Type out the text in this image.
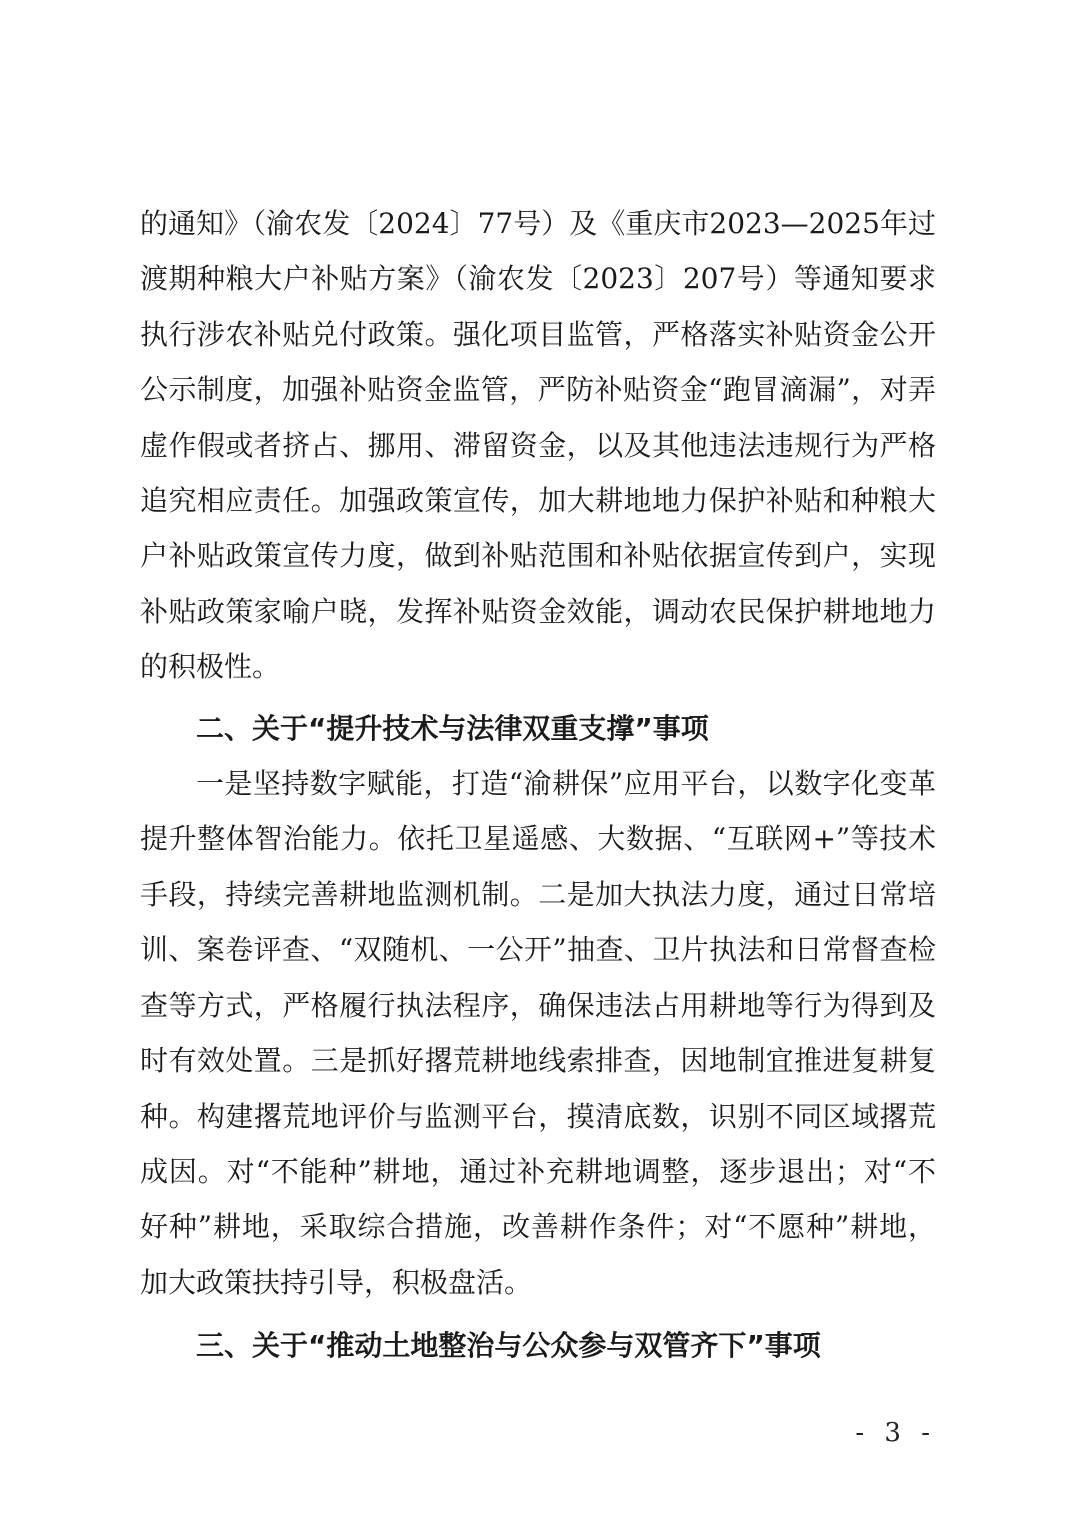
的通知》（渝农发〔2024〕77号）及《重庆市2023—2025年过渡期种粮大户补贴方案》（渝农发〔2023〕207号）等通知要求执行涉农补贴兑付政策。强化项目监管，严格落实补贴资金公开公示制度，加强补贴资金监管，严防补贴资金“跑冒滴漏”，对弄虚作假或者挤占、挪用、滞留资金，以及其他违法违规行为严格追究相应责任。加强政策宣传，加大耕地地力保护补贴和种粮大户补贴政策宣传力度，做到补贴范围和补贴依据宣传到户，实现补贴政策家喻户晓，发挥补贴资金效能，调动农民保护耕地地力的积极性。

二、关于“提升技术与法律双重支撑”事项

一是坚持数字赋能，打造“渝耕保”应用平台，以数字化变革提升整体智治能力。依托卫星遥感、大数据、“互联网+”等技术手段，持续完善耕地监测机制。二是加大执法力度，通过日常培训、案卷评查、“双随机、一公开”抽查、卫片执法和日常督查检查等方式，严格履行执法程序，确保违法占用耕地等行为得到及时有效处置。三是抓好撂荒耕地线索排查，因地制宜推进复耕复种。构建撂荒地评价与监测平台，摸清底数，识别不同区域撂荒成因。对“不能种”耕地，通过补充耕地调整，逐步退出；对“不好种”耕地，采取综合措施，改善耕作条件；对“不愿种”耕地，加大政策扶持引导，积极盘活。

三、关于“推动土地整治与公众参与双管齐下”事项
- 3 -
